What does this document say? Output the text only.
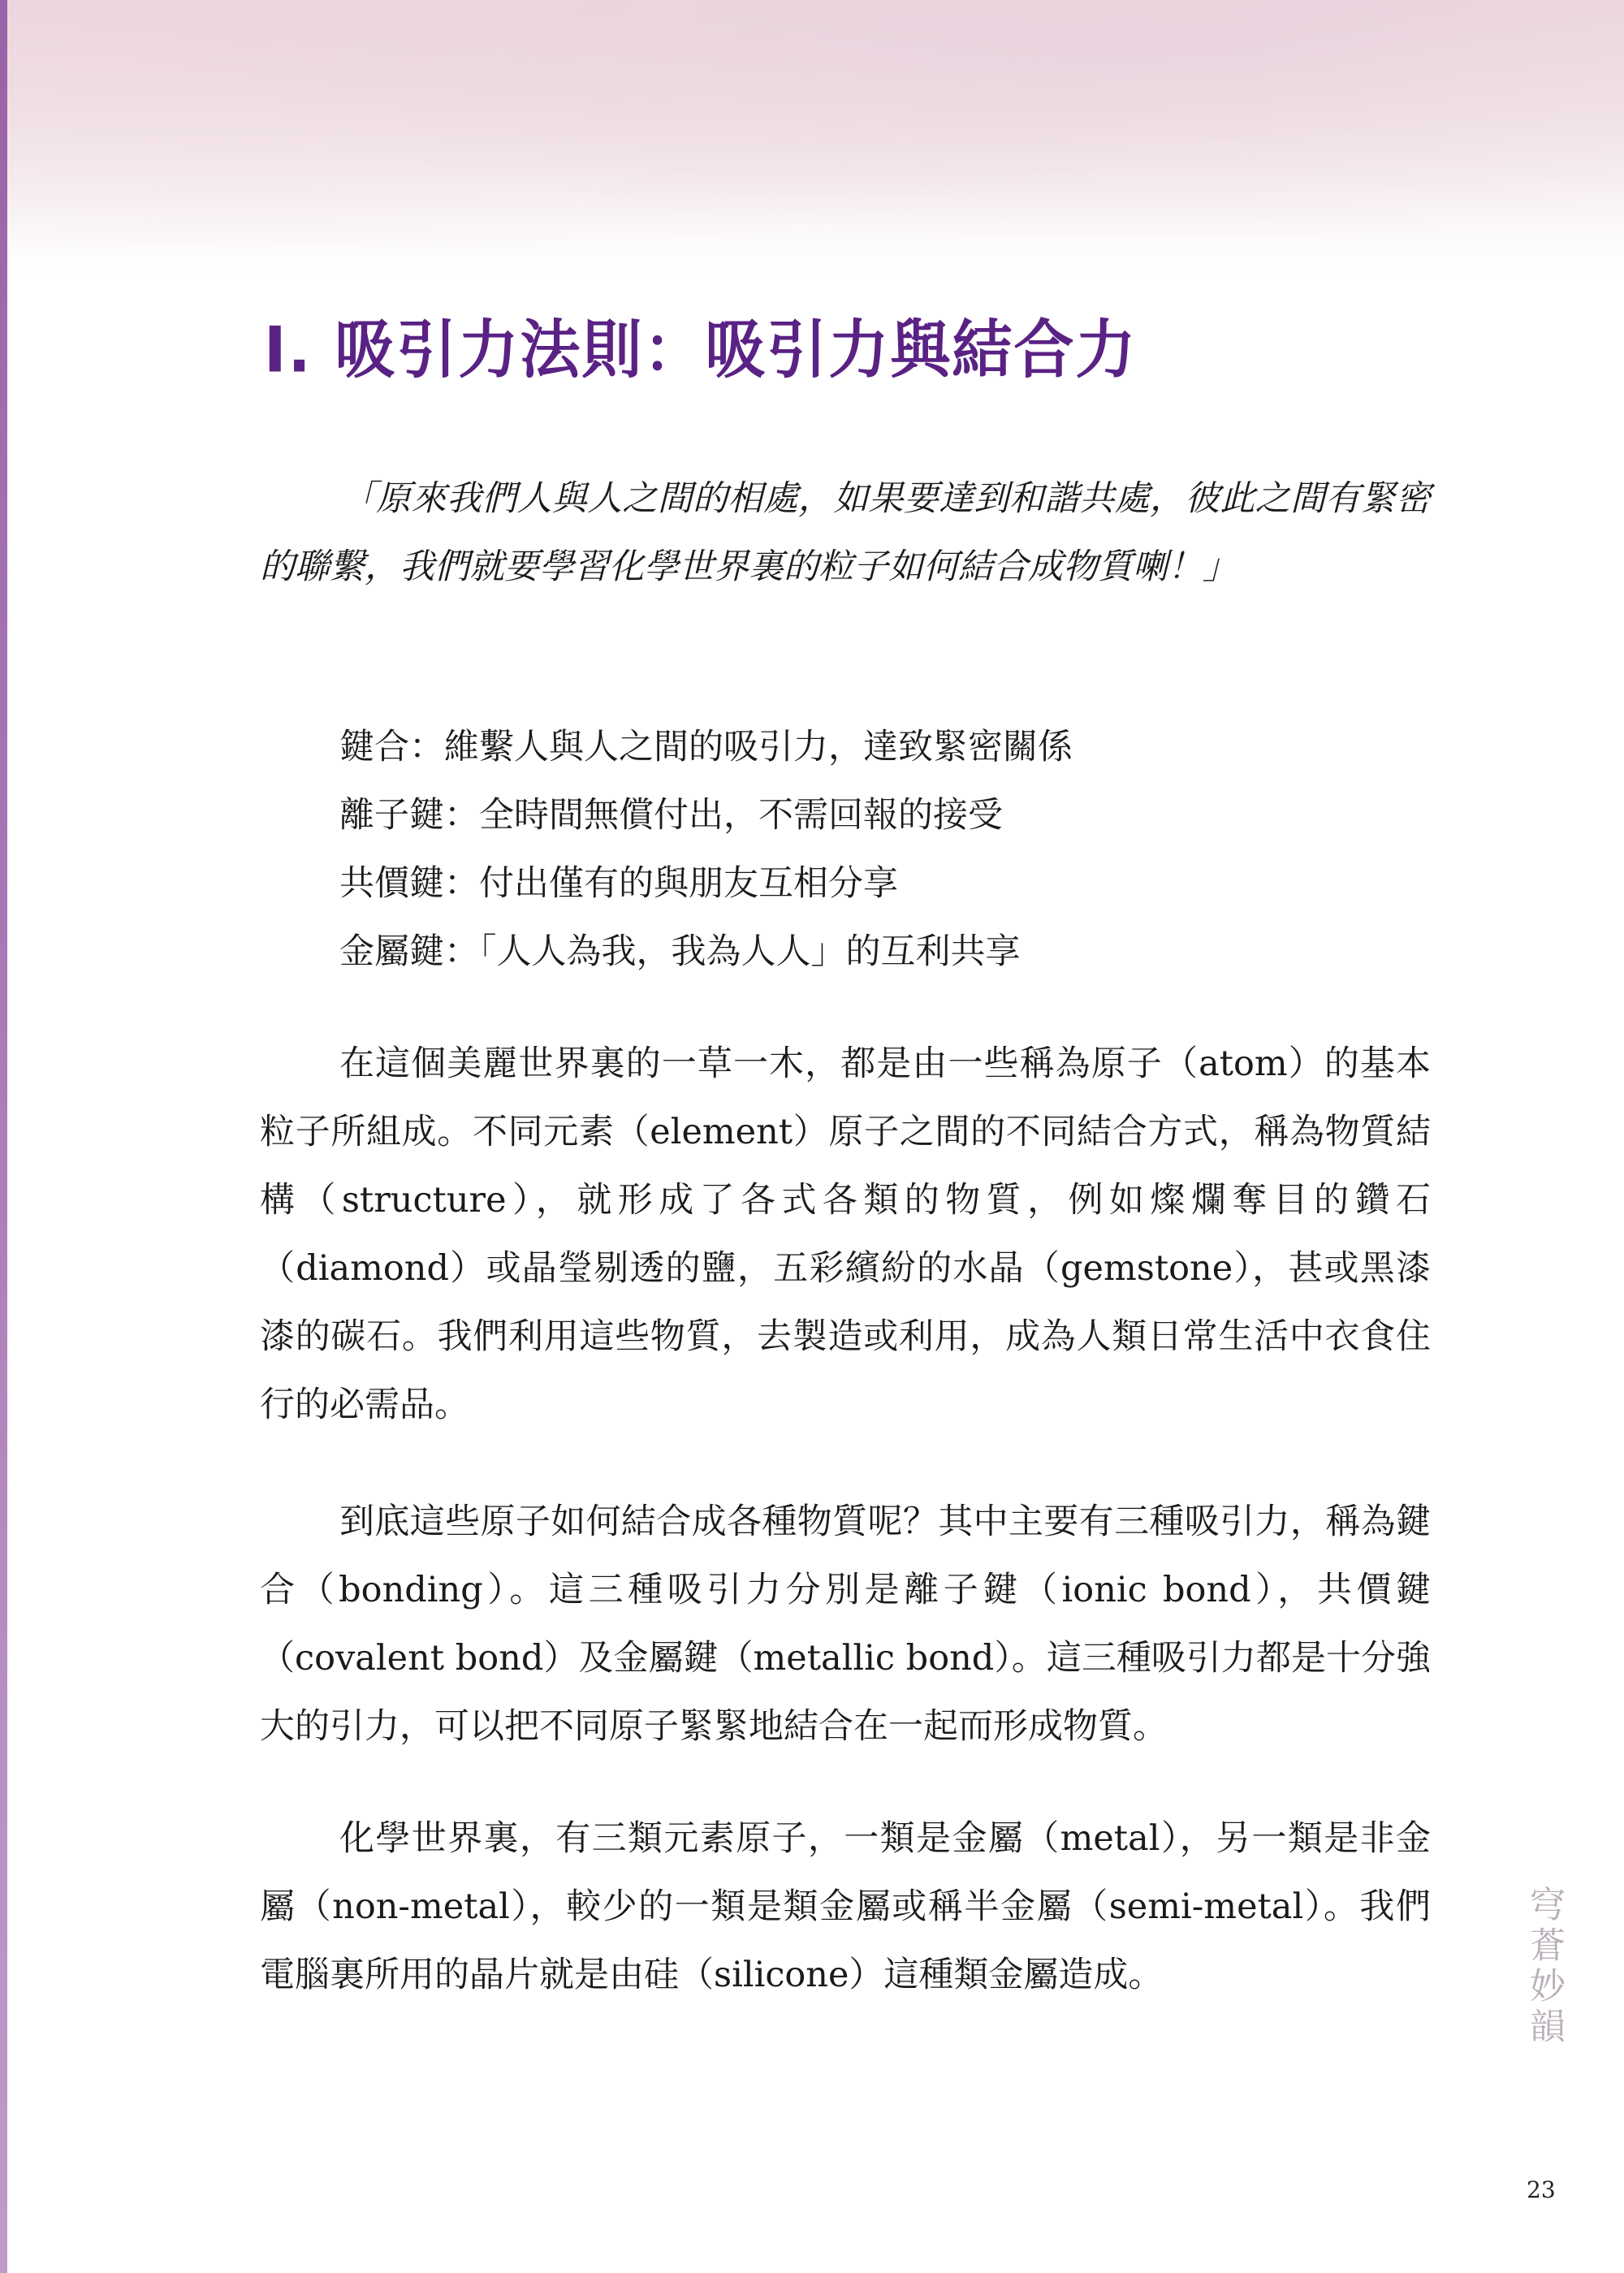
I. 吸引力法則：吸引力與結合力

「原來我們人與人之間的相處，如果要達到和諧共處，彼此之間有緊密的聯繫，我們就要學習化學世界裏的粒子如何結合成物質喇！」

鍵合：維繫人與人之間的吸引力，達致緊密關係
離子鍵：全時間無償付出，不需回報的接受
共價鍵：付出僅有的與朋友互相分享
金屬鍵：「人人為我，我為人人」的互利共享

在這個美麗世界裏的一草一木，都是由一些稱為原子（atom）的基本粒子所組成。不同元素（element）原子之間的不同結合方式，稱為物質結構（structure），就形成了各式各類的物質，例如燦爛奪目的鑽石（diamond）或晶瑩剔透的鹽，五彩繽紛的水晶（gemstone），甚或黑漆漆的碳石。我們利用這些物質，去製造或利用，成為人類日常生活中衣食住行的必需品。

到底這些原子如何結合成各種物質呢？其中主要有三種吸引力，稱為鍵合（bonding）。這三種吸引力分別是離子鍵（ionic bond），共價鍵（covalent bond）及金屬鍵（metallic bond）。這三種吸引力都是十分強大的引力，可以把不同原子緊緊地結合在一起而形成物質。

化學世界裏，有三類元素原子，一類是金屬（metal），另一類是非金屬（non-metal），較少的一類是類金屬或稱半金屬（semi-metal）。我們電腦裏所用的晶片就是由硅（silicone）這種類金屬造成。	穹蒼妙韻
23
